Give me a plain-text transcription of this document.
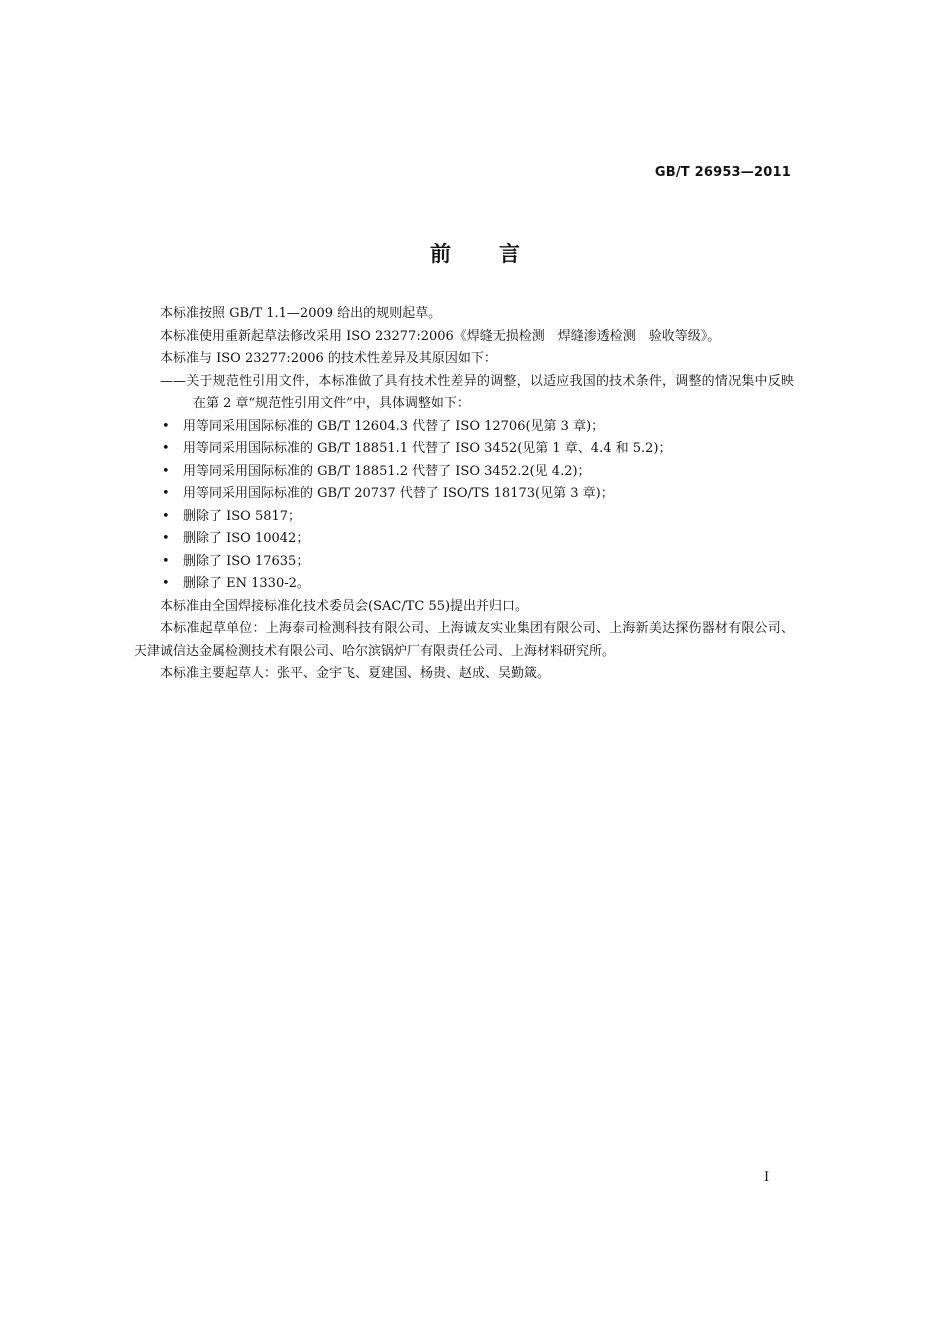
GB/T 26953—2011
前言

本标准按照 GB/T 1.1—2009 给出的规则起草。

本标准使用重新起草法修改采用 ISO 23277:2006《焊缝无损检测　焊缝渗透检测　验收等级》。

本标准与 ISO 23277:2006 的技术性差异及其原因如下：

——关于规范性引用文件，本标准做了具有技术性差异的调整，以适应我国的技术条件，调整的情况集中反映在第 2 章“规范性引用文件”中，具体调整如下：

• 用等同采用国际标准的 GB/T 12604.3 代替了 ISO 12706(见第 3 章)；
• 用等同采用国际标准的 GB/T 18851.1 代替了 ISO 3452(见第 1 章、4.4 和 5.2)；
• 用等同采用国际标准的 GB/T 18851.2 代替了 ISO 3452.2(见 4.2)；
• 用等同采用国际标准的 GB/T 20737 代替了 ISO/TS 18173(见第 3 章)；
• 删除了 ISO 5817；
• 删除了 ISO 10042；
• 删除了 ISO 17635；
• 删除了 EN 1330-2。

本标准由全国焊接标准化技术委员会(SAC/TC 55)提出并归口。

本标准起草单位：上海泰司检测科技有限公司、上海诚友实业集团有限公司、上海新美达探伤器材有限公司、天津诚信达金属检测技术有限公司、哈尔滨锅炉厂有限责任公司、上海材料研究所。

本标准主要起草人：张平、金宇飞、夏建国、杨贵、赵成、吴勤箴。

I
